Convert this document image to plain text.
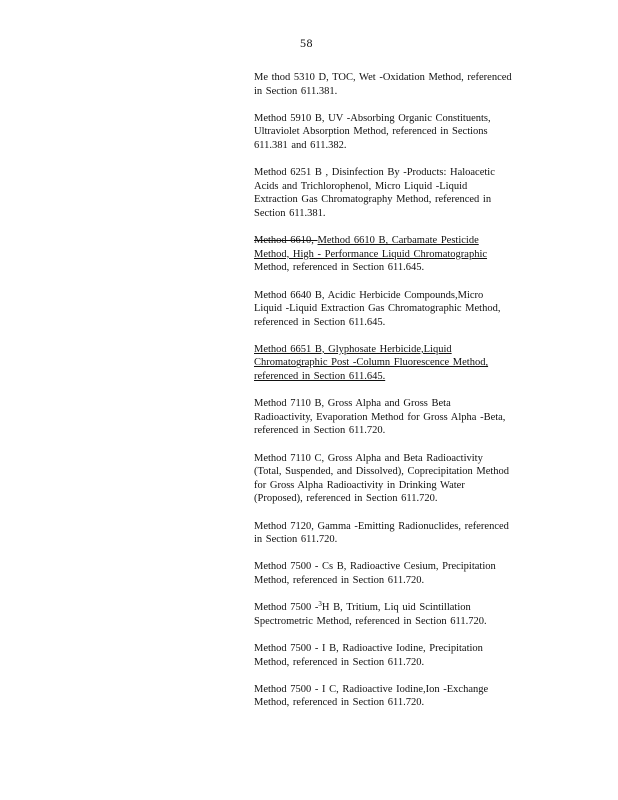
58

Me thod 5310 D, TOC, Wet -Oxidation Method, referenced
in Section 611.381.

Method 5910 B, UV -Absorbing Organic Constituents,
Ultraviolet Absorption Method, referenced in Sections
611.381 and 611.382.

Method 6251 B , Disinfection By -Products: Haloacetic
Acids and Trichlorophenol, Micro Liquid -Liquid
Extraction Gas Chromatography Method, referenced in
Section 611.381.

Method 6610, Method 6610 B, Carbamate Pesticide
Method, High - Performance Liquid Chromatographic
Method, referenced in Section 611.645.

Method 6640 B, Acidic Herbicide Compounds,Micro
Liquid -Liquid Extraction Gas Chromatographic Method,
referenced in Section 611.645.

Method 6651 B, Glyphosate Herbicide,Liquid
Chromatographic Post -Column Fluorescence Method,
referenced in Section 611.645.

Method 7110 B, Gross Alpha and Gross Beta
Radioactivity, Evaporation Method for Gross Alpha -Beta,
referenced in Section 611.720.

Method 7110 C, Gross Alpha and Beta Radioactivity
(Total, Suspended, and Dissolved), Coprecipitation Method
for Gross Alpha Radioactivity in Drinking Water
(Proposed), referenced in Section 611.720.

Method 7120, Gamma -Emitting Radionuclides, referenced
in Section 611.720.

Method 7500 - Cs B, Radioactive Cesium, Precipitation
Method, referenced in Section 611.720.

Method 7500 -$^3$H B, Tritium, Liq uid Scintillation
Spectrometric Method, referenced in Section 611.720.

Method 7500 - I B, Radioactive Iodine, Precipitation
Method, referenced in Section 611.720.

Method 7500 - I C, Radioactive Iodine,Ion -Exchange
Method, referenced in Section 611.720.
